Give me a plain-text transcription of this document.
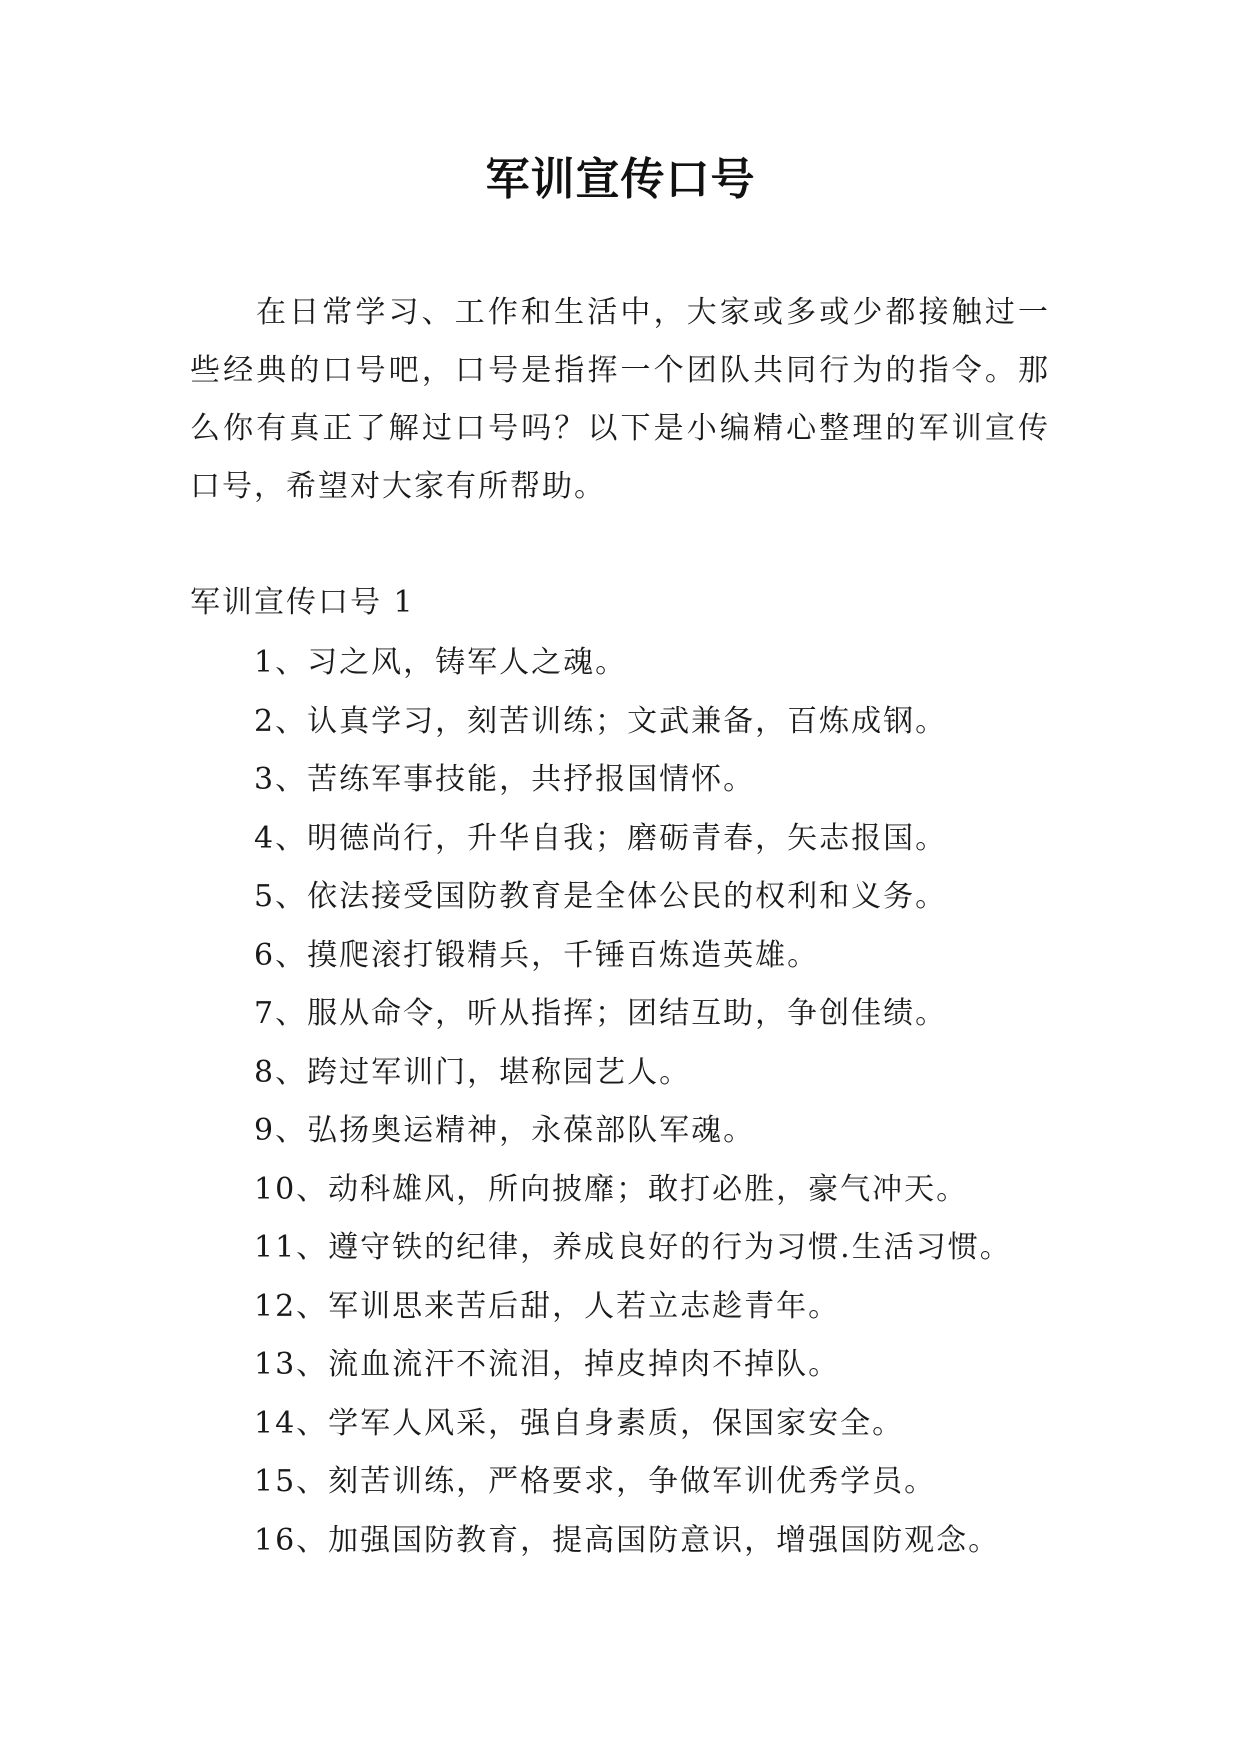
军训宣传口号

在日常学习、工作和生活中，大家或多或少都接触过一些经典的口号吧，口号是指挥一个团队共同行为的指令。那么你有真正了解过口号吗？以下是小编精心整理的军训宣传口号，希望对大家有所帮助。

军训宣传口号 1
1、习之风，铸军人之魂。
2、认真学习，刻苦训练；文武兼备，百炼成钢。
3、苦练军事技能，共抒报国情怀。
4、明德尚行，升华自我；磨砺青春，矢志报国。
5、依法接受国防教育是全体公民的权利和义务。
6、摸爬滚打锻精兵，千锤百炼造英雄。
7、服从命令，听从指挥；团结互助，争创佳绩。
8、跨过军训门，堪称园艺人。
9、弘扬奥运精神，永葆部队军魂。
10、动科雄风，所向披靡；敢打必胜，豪气冲天。
11、遵守铁的纪律，养成良好的行为习惯.生活习惯。
12、军训思来苦后甜，人若立志趁青年。
13、流血流汗不流泪，掉皮掉肉不掉队。
14、学军人风采，强自身素质，保国家安全。
15、刻苦训练，严格要求，争做军训优秀学员。
16、加强国防教育，提高国防意识，增强国防观念。
